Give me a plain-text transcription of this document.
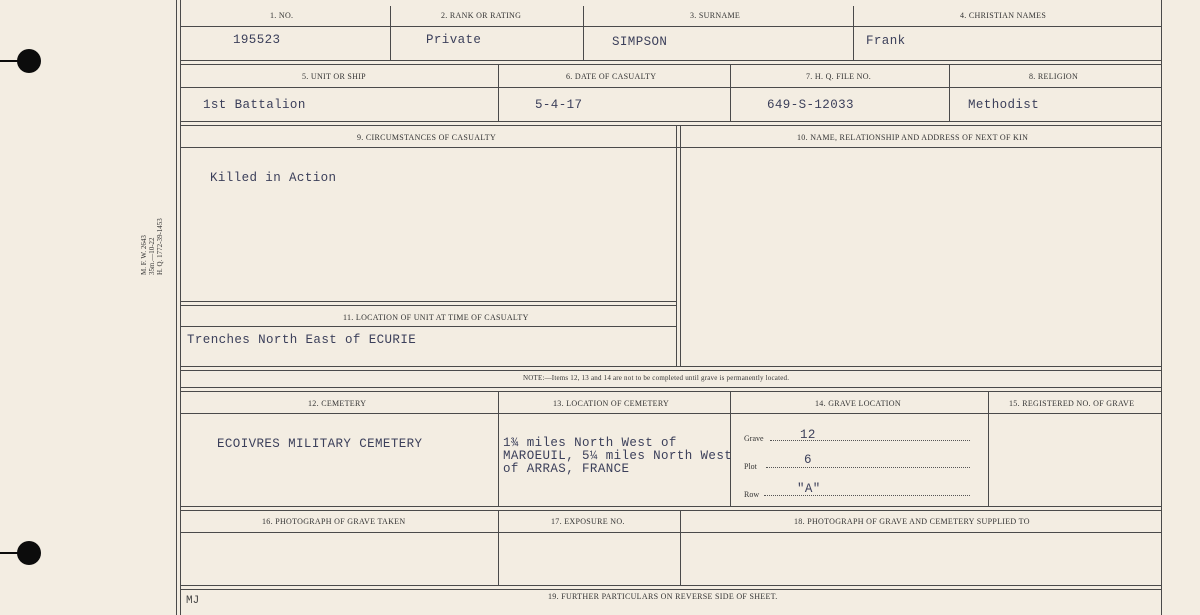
M. F. W. 2643 35m.—10-22 H. Q. 1772-39-1453
1. NO.	2. RANK OR RATING	3. SURNAME	4. CHRISTIAN NAMES
195523	Private	SIMPSON	Frank
5. UNIT OR SHIP	6. DATE OF CASUALTY	7. H. Q. FILE NO.	8. RELIGION
1st Battalion	5-4-17	649-S-12033	Methodist
9. CIRCUMSTANCES OF CASUALTY	10. NAME, RELATIONSHIP AND ADDRESS OF NEXT OF KIN
Killed in Action
11. LOCATION OF UNIT AT TIME OF CASUALTY
Trenches North East of ECURIE
NOTE:—Items 12, 13 and 14 are not to be completed until grave is permanently located.
12. CEMETERY	13. LOCATION OF CEMETERY	14. GRAVE LOCATION	15. REGISTERED NO. OF GRAVE
ECOIVRES MILITARY CEMETERY	1¾ miles North West of
MAROEUIL, 5¼ miles North West
of ARRAS, FRANCE
Grave	12
Plot	6
Row	"A"
16. PHOTOGRAPH OF GRAVE TAKEN	17. EXPOSURE NO.	18. PHOTOGRAPH OF GRAVE AND CEMETERY SUPPLIED TO
19. FURTHER PARTICULARS ON REVERSE SIDE OF SHEET.
MJ
